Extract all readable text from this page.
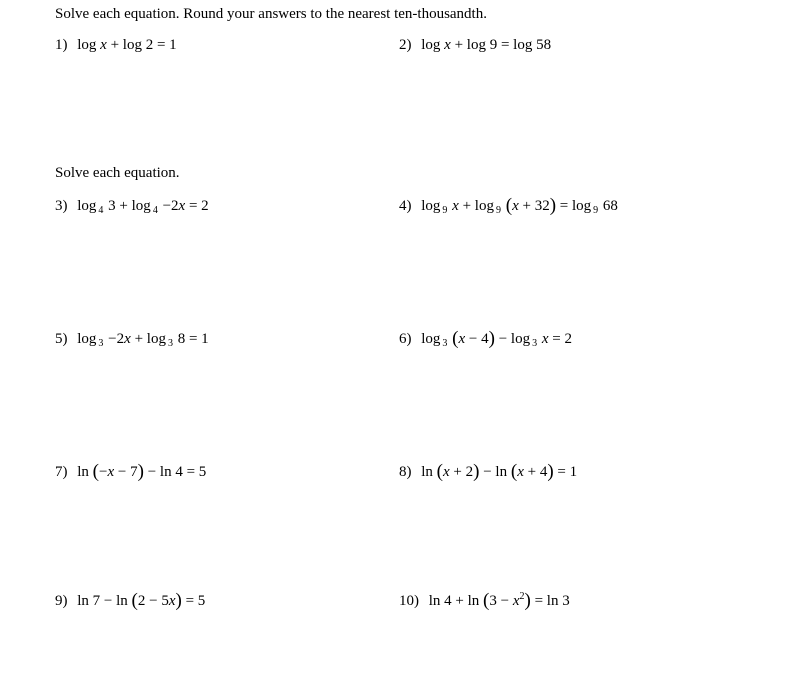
Solve each equation. Round your answers to the nearest ten-thousandth.
1) log x + log 2 = 1	2) log x + log 9 = log 58
Solve each equation.
3) log $_4$ 3 + log $_4$ −2x = 2	4) log $_9$ x + log $_9$ (x + 32) = log $_9$ 68
5) log $_3$ −2x + log $_3$ 8 = 1	6) log $_3$ (x − 4) − log $_3$ x = 2
7) ln (−x − 7) − ln 4 = 5	8) ln (x + 2) − ln (x + 4) = 1
9) ln 7 − ln (2 − 5x) = 5	10) $\ln 4 + \ln (3 - x^2) = \ln 3$
